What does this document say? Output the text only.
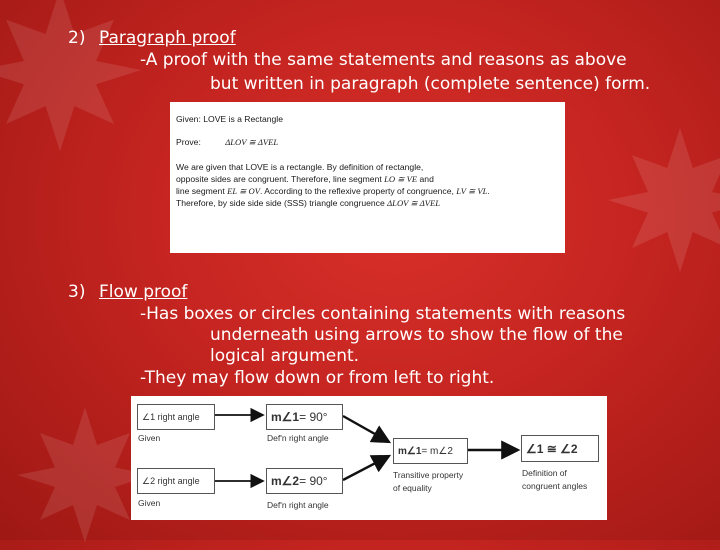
2) Paragraph proof
-A proof with the same statements and reasons as above
but written in paragraph (complete sentence) form.
Given: LOVE is a Rectangle
Prove:	ΔLOV ≅ ΔVEL
We are given that LOVE is a rectangle. By definition of rectangle,
opposite sides are congruent. Therefore, line segment LO ≅ VE and
line segment EL ≅ OV. According to the reflexive property of congruence, LV ≅ VL.
Therefore, by side side side (SSS) triangle congruence ΔLOV ≅ ΔVEL
3) Flow proof
-Has boxes or circles containing statements with reasons
underneath using arrows to show the flow of the
logical argument.
-They may flow down or from left to right.
∠1 right angle
Given
m∠1 = 90°
Def'n right angle
∠2 right angle
Given
m∠2 = 90°
Def'n right angle
m∠1 = m∠2
Transitive property
of equality
∠1 ≅ ∠2
Definition of
congruent angles
